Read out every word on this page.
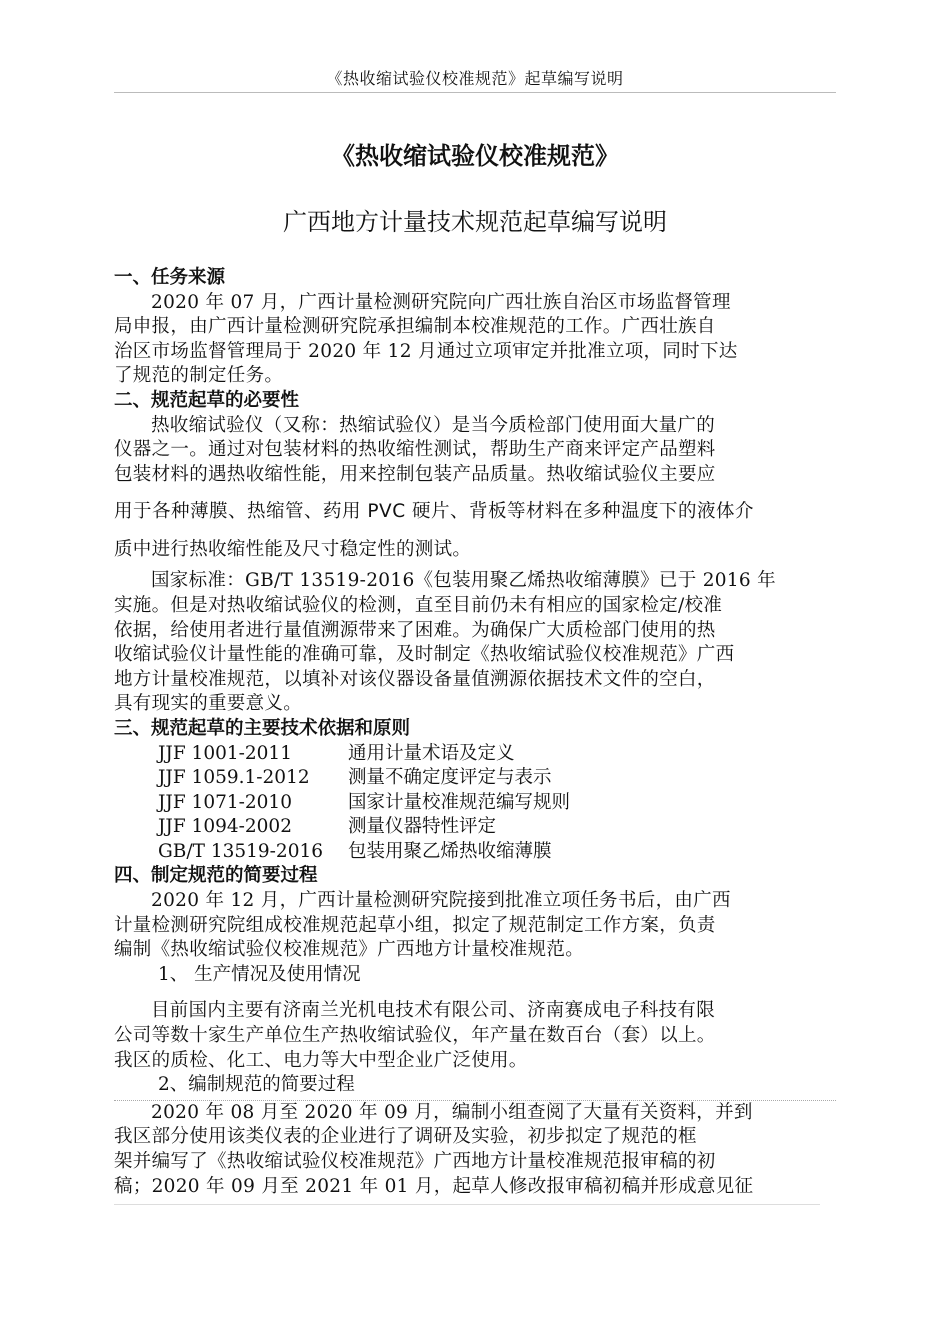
《热收缩试验仪校准规范》起草编写说明
《热收缩试验仪校准规范》
广西地方计量技术规范起草编写说明
一、任务来源
2020 年 07 月，广西计量检测研究院向广西壮族自治区市场监督管理
局申报，由广西计量检测研究院承担编制本校准规范的工作。广西壮族自
治区市场监督管理局于 2020 年 12 月通过立项审定并批准立项，同时下达
了规范的制定任务。
二、规范起草的必要性
热收缩试验仪（又称：热缩试验仪）是当今质检部门使用面大量广的
仪器之一。通过对包装材料的热收缩性测试，帮助生产商来评定产品塑料
包装材料的遇热收缩性能，用来控制包装产品质量。热收缩试验仪主要应
用于各种薄膜、热缩管、药用 PVC 硬片、背板等材料在多种温度下的液体介
质中进行热收缩性能及尺寸稳定性的测试。
国家标准：GB/T 13519-2016《包装用聚乙烯热收缩薄膜》已于 2016 年
实施。但是对热收缩试验仪的检测，直至目前仍未有相应的国家检定/校准
依据，给使用者进行量值溯源带来了困难。为确保广大质检部门使用的热
收缩试验仪计量性能的准确可靠，及时制定《热收缩试验仪校准规范》广西
地方计量校准规范，以填补对该仪器设备量值溯源依据技术文件的空白，
具有现实的重要意义。
三、规范起草的主要技术依据和原则
JJF 1001-2011	通用计量术语及定义
JJF 1059.1-2012	测量不确定度评定与表示
JJF 1071-2010	国家计量校准规范编写规则
JJF 1094-2002	测量仪器特性评定
GB/T 13519-2016	包装用聚乙烯热收缩薄膜
四、制定规范的简要过程
2020 年 12 月，广西计量检测研究院接到批准立项任务书后，由广西
计量检测研究院组成校准规范起草小组，拟定了规范制定工作方案，负责
编制《热收缩试验仪校准规范》广西地方计量校准规范。
1、 生产情况及使用情况
目前国内主要有济南兰光机电技术有限公司、济南赛成电子科技有限
公司等数十家生产单位生产热收缩试验仪，年产量在数百台（套）以上。
我区的质检、化工、电力等大中型企业广泛使用。
2、编制规范的简要过程
2020 年 08 月至 2020 年 09 月，编制小组查阅了大量有关资料，并到
我区部分使用该类仪表的企业进行了调研及实验，初步拟定了规范的框
架并编写了《热收缩试验仪校准规范》广西地方计量校准规范报审稿的初
稿；2020 年 09 月至 2021 年 01 月，起草人修改报审稿初稿并形成意见征
